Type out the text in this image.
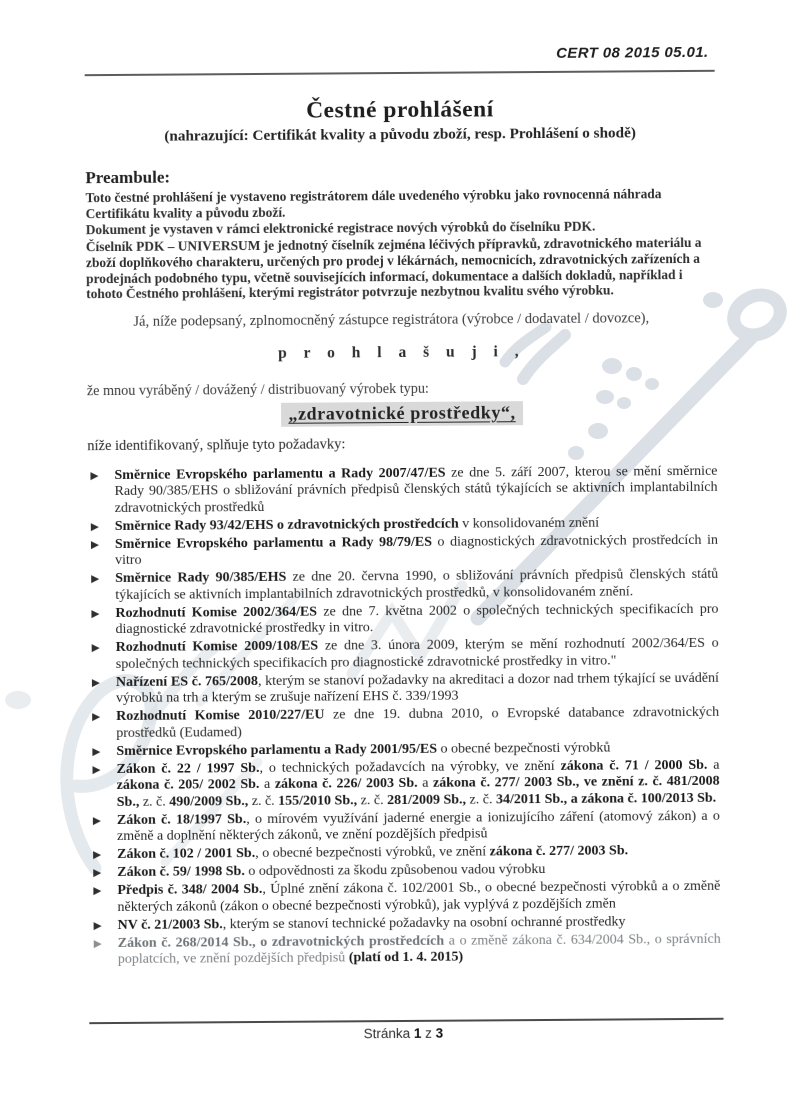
CERT 08 2015 05.01.
Čestné prohlášení
(nahrazující: Certifikát kvality a původu zboží, resp. Prohlášení o shodě)
Preambule:

Toto čestné prohlášení je vystaveno registrátorem dále uvedeného výrobku jako rovnocenná náhrada Certifikátu kvality a původu zboží.

Dokument je vystaven v rámci elektronické registrace nových výrobků do číselníku PDK.

Číselník PDK – UNIVERSUM je jednotný číselník zejména léčivých přípravků, zdravotnického materiálu a zboží doplňkového charakteru, určených pro prodej v lékárnách, nemocnicích, zdravotnických zařízeních a prodejnách podobného typu, včetně souvisejících informací, dokumentace a dalších dokladů, například i tohoto Čestného prohlášení, kterými registrátor potvrzuje nezbytnou kvalitu svého výrobku.

Já, níže podepsaný, zplnomocněný zástupce registrátora (výrobce / dodavatel / dovozce),

p r o h l a š u j i ,

že mnou vyráběný / dovážený / distribuovaný výrobek typu:

„zdravotnické prostředky“,

níže identifikovaný, splňuje tyto požadavky:

Směrnice Evropského parlamentu a Rady 2007/47/ES ze dne 5. září 2007, kterou se mění směrnice Rady 90/385/EHS o sbližování právních předpisů členských států týkajících se aktivních implantabilních zdravotnických prostředků
Směrnice Rady 93/42/EHS o zdravotnických prostředcích v konsolidovaném znění
Směrnice Evropského parlamentu a Rady 98/79/ES o diagnostických zdravotnických prostředcích in vitro
Směrnice Rady 90/385/EHS ze dne 20. června 1990, o sbližování právních předpisů členských států týkajících se aktivních implantabilních zdravotnických prostředků, v konsolidovaném znění.
Rozhodnutí Komise 2002/364/ES ze dne 7. května 2002 o společných technických specifikacích pro diagnostické zdravotnické prostředky in vitro.
Rozhodnutí Komise 2009/108/ES ze dne 3. února 2009, kterým se mění rozhodnutí 2002/364/ES o společných technických specifikacích pro diagnostické zdravotnické prostředky in vitro."
Nařízení ES č. 765/2008, kterým se stanoví požadavky na akreditaci a dozor nad trhem týkající se uvádění výrobků na trh a kterým se zrušuje nařízení EHS č. 339/1993
Rozhodnutí Komise 2010/227/EU ze dne 19. dubna 2010, o Evropské databance zdravotnických prostředků (Eudamed)
Směrnice Evropského parlamentu a Rady 2001/95/ES o obecné bezpečnosti výrobků
Zákon č. 22 / 1997 Sb., o technických požadavcích na výrobky, ve znění zákona č. 71 / 2000 Sb. a zákona č. 205/ 2002 Sb. a zákona č. 226/ 2003 Sb. a zákona č. 277/ 2003 Sb., ve znění z. č. 481/2008 Sb., z. č. 490/2009 Sb., z. č. 155/2010 Sb., z. č. 281/2009 Sb., z. č. 34/2011 Sb., a zákona č. 100/2013 Sb.
Zákon č. 18/1997 Sb., o mírovém využívání jaderné energie a ionizujícího záření (atomový zákon) a o změně a doplnění některých zákonů, ve znění pozdějších předpisů
Zákon č. 102 / 2001 Sb., o obecné bezpečnosti výrobků, ve znění zákona č. 277/ 2003 Sb.
Zákon č. 59/ 1998 Sb. o odpovědnosti za škodu způsobenou vadou výrobku
Předpis č. 348/ 2004 Sb., Úplné znění zákona č. 102/2001 Sb., o obecné bezpečnosti výrobků a o změně některých zákonů (zákon o obecné bezpečnosti výrobků), jak vyplývá z pozdějších změn
NV č. 21/2003 Sb., kterým se stanoví technické požadavky na osobní ochranné prostředky
Zákon č. 268/2014 Sb., o zdravotnických prostředcích a o změně zákona č. 634/2004 Sb., o správních poplatcích, ve znění pozdějších předpisů (platí od 1. 4. 2015)
Stránka 1 z 3
